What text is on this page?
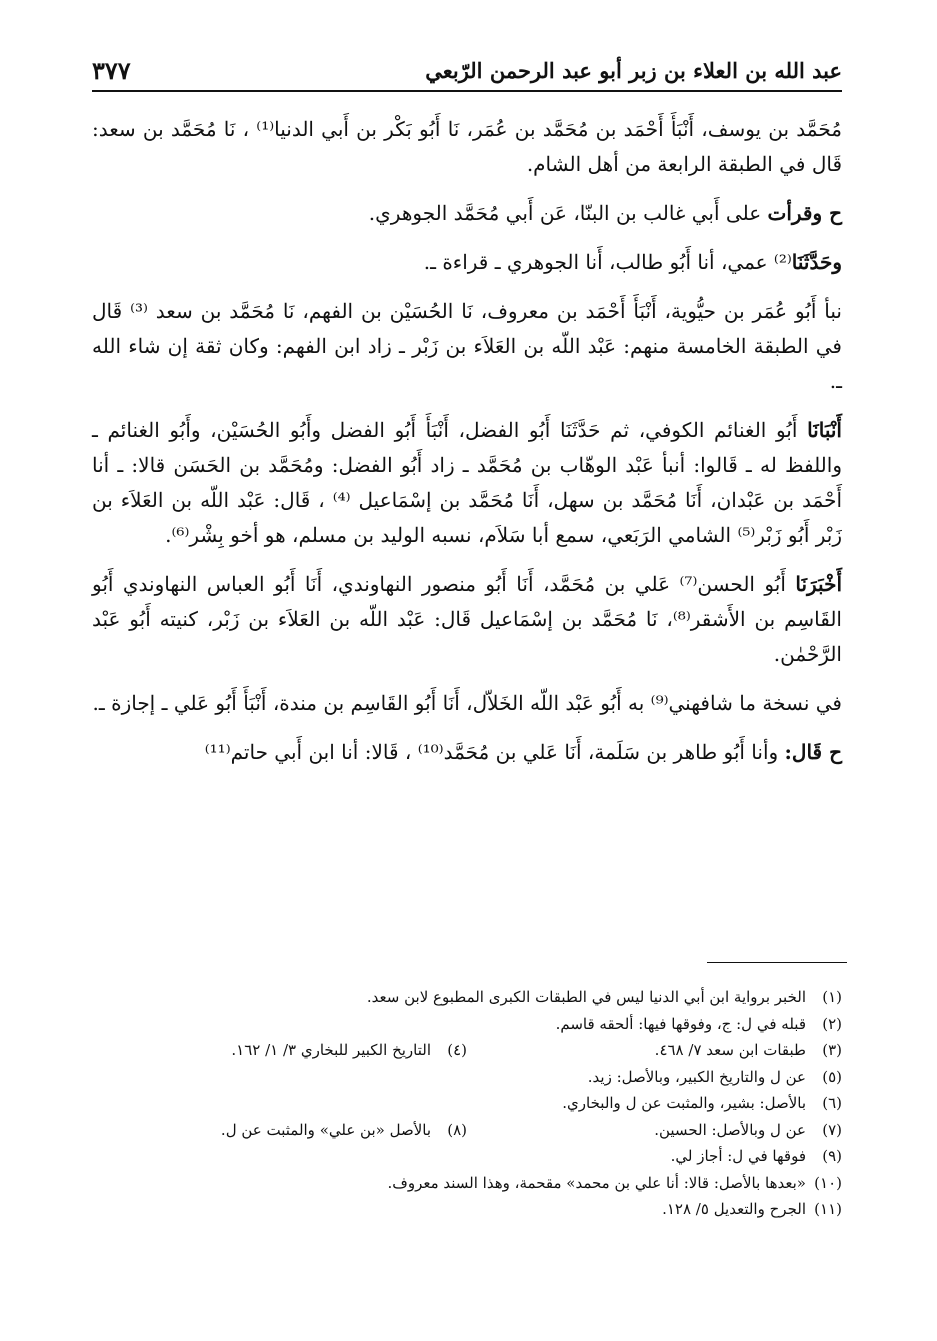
عبد الله بن العلاء بن زبر أبو عبد الرحمن الرّبعي
٣٧٧

مُحَمَّد بن يوسف، أَنْبَأَ أَحْمَد بن مُحَمَّد بن عُمَر، نَا أَبُو بَكْر بن أَبي الدنيا⁽¹⁾ ، نَا مُحَمَّد بن سعد: قَال في الطبقة الرابعة من أهل الشام.

ح وقرأت على أَبي غالب بن البنّا، عَن أَبي مُحَمَّد الجوهري.

وحَدَّثَنَا⁽²⁾ عمي، أنا أَبُو طالب، أَنا الجوهري ـ قراءة ـ.

نبأ أَبُو عُمَر بن حيُّوية، أَنْبَأَ أَحْمَد بن معروف، نَا الحُسَيْن بن الفهم، نَا مُحَمَّد بن سعد ⁽³⁾ قَال في الطبقة الخامسة منهم: عَبْد اللّه بن العَلاَء بن زَبْر ـ زاد ابن الفهم: وكان ثقة إن شاء الله ـ.

أَنْبَانَا أَبُو الغنائم الكوفي، ثم حَدَّثَنَا أَبُو الفضل، أَنْبَأَ أَبُو الفضل وأَبُو الحُسَيْن، وأَبُو الغنائم ـ واللفظ له ـ قَالوا: أنبأ عَبْد الوهّاب بن مُحَمَّد ـ زاد أَبُو الفضل: ومُحَمَّد بن الحَسَن قالا: ـ أنا أَحْمَد بن عَبْدان، أَنَا مُحَمَّد بن سهل، أَنَا مُحَمَّد بن إسْمَاعيل ⁽⁴⁾ ، قَال: عَبْد اللّه بن العَلاَء بن زَبْر أَبُو زَبْر⁽⁵⁾ الشامي الرَبَعي، سمع أبا سَلاَم، نسبه الوليد بن مسلم، هو أخو بِشْر⁽⁶⁾.

أَخْبَرَنَا أَبُو الحسن⁽⁷⁾ عَلي بن مُحَمَّد، أَنَا أَبُو منصور النهاوندي، أَنَا أَبُو العباس النهاوندي أَبُو القَاسِم بن الأَشقر⁽⁸⁾، نَا مُحَمَّد بن إسْمَاعيل قَال: عَبْد اللّه بن العَلاَء بن زَبْر، كنيته أَبُو عَبْد الرَّحْمٰن.

في نسخة ما شافهني⁽⁹⁾ به أَبُو عَبْد اللّه الخَلاّل، أَنَا أَبُو القَاسِم بن مندة، أَنْبَأَ أَبُو عَلي ـ إجازة ـ.

ح قَال: وأنا أَبُو طاهر بن سَلَمة، أَنَا عَلي بن مُحَمَّد⁽¹⁰⁾ ، قَالا: أنا ابن أَبي حاتم⁽¹¹⁾

(١)
الخبر برواية ابن أبي الدنيا ليس في الطبقات الكبرى المطبوع لابن سعد.
(٢)
قبله في ل: ج، وفوقها فيها: ألحقه قاسم.
(٣)
طبقات ابن سعد ٧/ ٤٦٨.
(٤)
التاريخ الكبير للبخاري ٣/ ١/ ١٦٢.
(٥)
عن ل والتاريخ الكبير، وبالأصل: زيد.
(٦)
بالأصل: بشير، والمثبت عن ل والبخاري.
(٧)
عن ل وبالأصل: الحسين.
(٨)
بالأصل «بن علي» والمثبت عن ل.
(٩)
فوقها في ل: أجاز لي.
(١٠)
«بعدها بالأصل: قالا: أنا علي بن محمد» مقحمة، وهذا السند معروف.
(١١)
الجرح والتعديل ٥/ ١٢٨.
